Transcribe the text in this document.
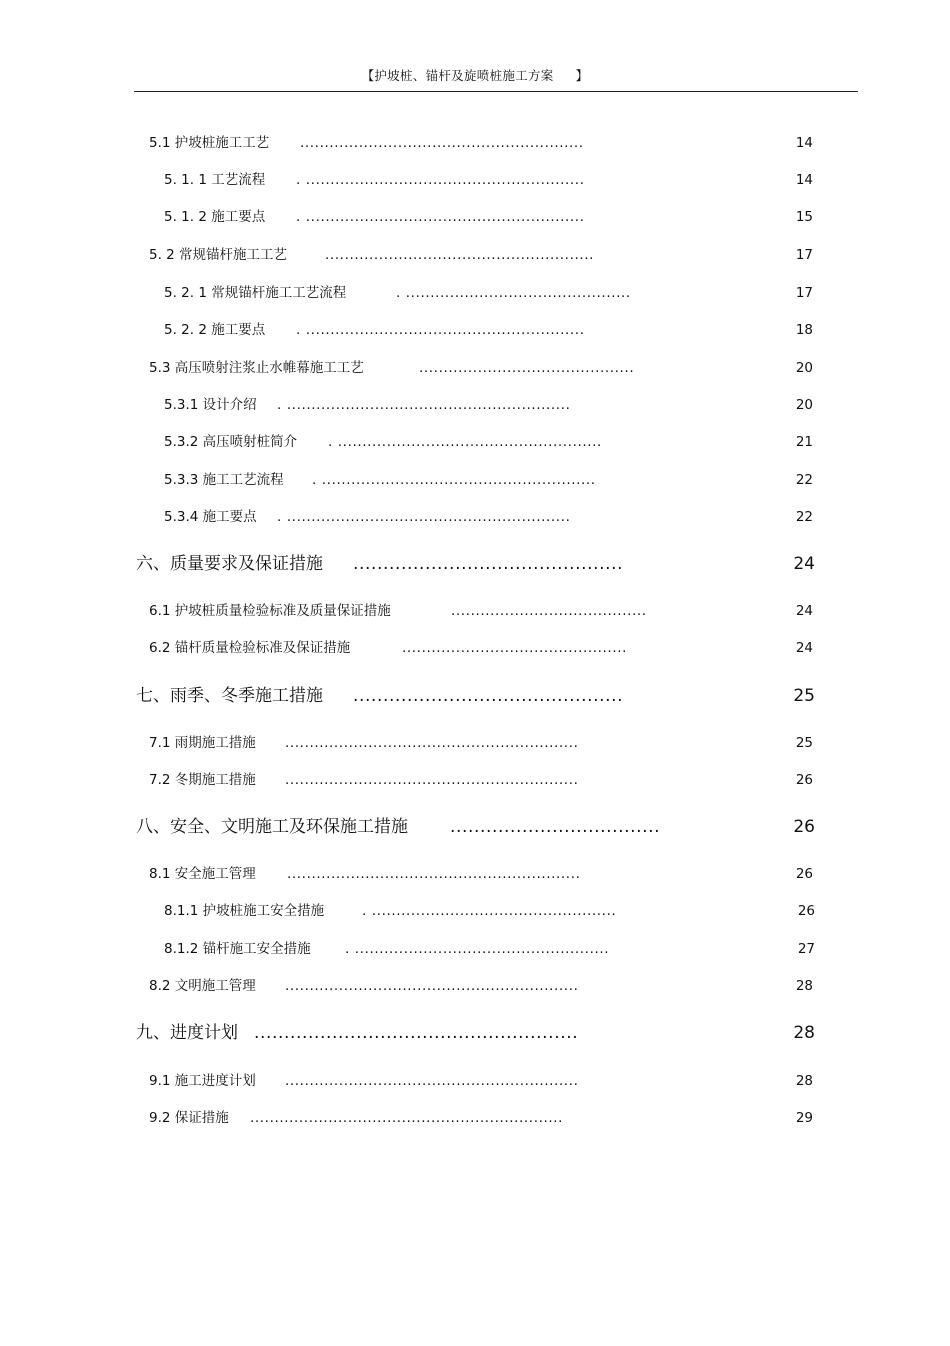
【护坡桩、锚杆及旋喷桩施工方案 】
5.1 护坡桩施工工艺 ..........................................................	14
5. 1. 1 工艺流程 . .........................................................	14
5. 1. 2 施工要点 . .........................................................	15
5. 2 常规锚杆施工工艺	.......................................................	17
5. 2. 1 常规锚杆施工工艺流程	. ..............................................	17
5. 2. 2 施工要点 . .........................................................	18
5.3 高压喷射注浆止水帷幕施工工艺	............................................	20
5.3.1 设计介绍 . ..........................................................	20
5.3.2 高压喷射桩简介 . ......................................................	21
5.3.3 施工工艺流程 . ........................................................	22
5.3.4 施工要点 . ..........................................................	22
六、质量要求及保证措施 .............................................	24
6.1 护坡桩质量检验标准及质量保证措施	........................................	24
6.2 锚杆质量检验标准及保证措施	..............................................	24
七、雨季、冬季施工措施 .............................................	25
7.1 雨期施工措施 ............................................................	25
7.2 冬期施工措施 ............................................................	26
八、安全、文明施工及环保施工措施 ...................................	26
8.1 安全施工管理 ............................................................	26
8.1.1 护坡桩施工安全措施	. ..................................................	26
8.1.2 锚杆施工安全措施	. ....................................................	27
8.2 文明施工管理 ............................................................	28
九、进度计划 ......................................................	28
9.1 施工进度计划 ............................................................	28
9.2 保证措施 ................................................................	29
